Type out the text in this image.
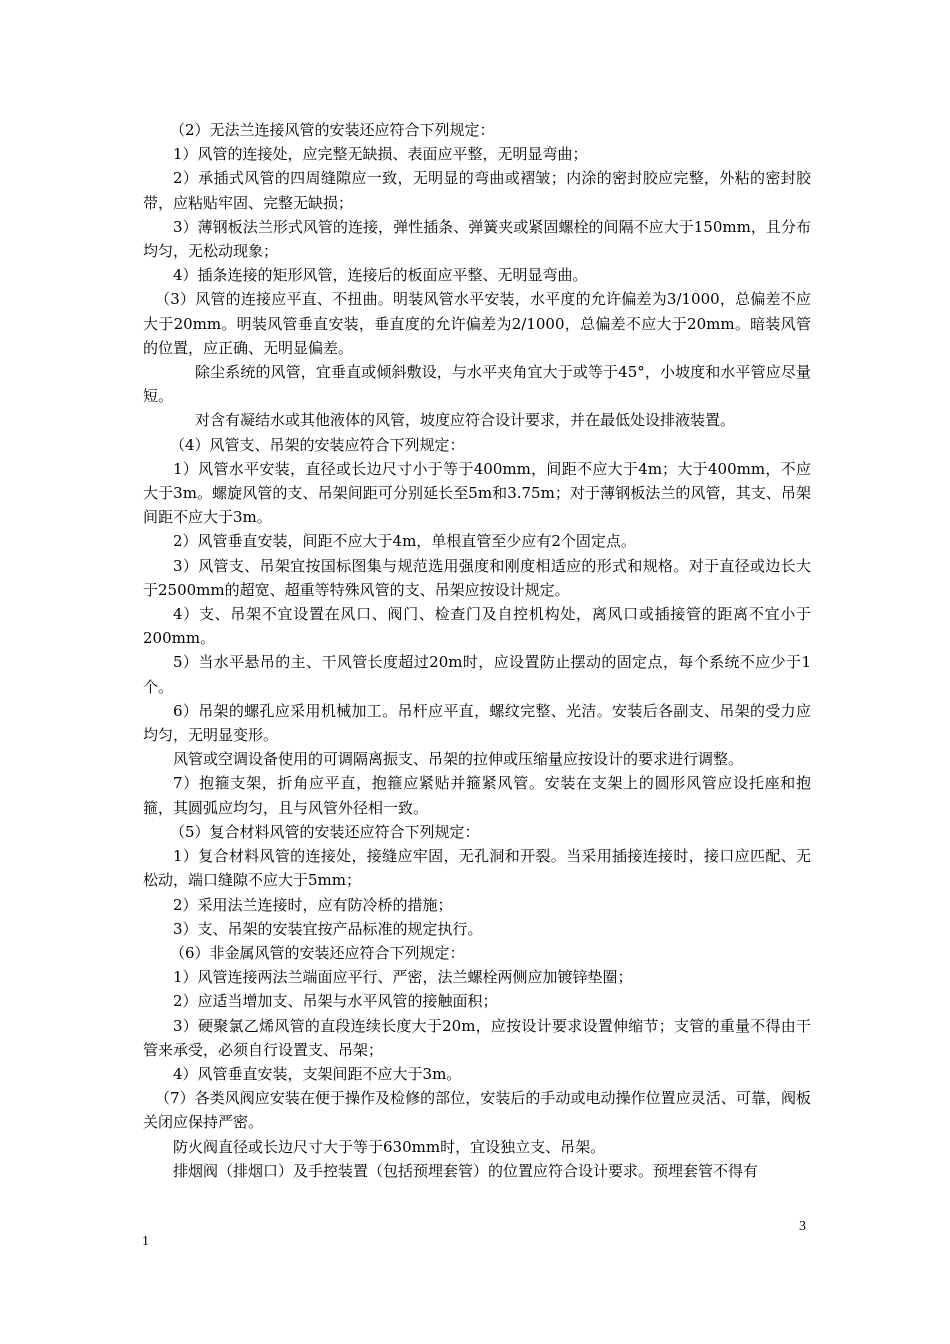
（2）无法兰连接风管的安装还应符合下列规定：

1）风管的连接处，应完整无缺损、表面应平整，无明显弯曲；

2）承插式风管的四周缝隙应一致，无明显的弯曲或褶皱；内涂的密封胶应完整，外粘的密封胶带，应粘贴牢固、完整无缺损；

3）薄钢板法兰形式风管的连接，弹性插条、弹簧夹或紧固螺栓的间隔不应大于150mm，且分布均匀，无松动现象；

4）插条连接的矩形风管，连接后的板面应平整、无明显弯曲。

（3）风管的连接应平直、不扭曲。明装风管水平安装，水平度的允许偏差为3/1000，总偏差不应大于20mm。明装风管垂直安装，垂直度的允许偏差为2/1000，总偏差不应大于20mm。暗装风管的位置，应正确、无明显偏差。

除尘系统的风管，宜垂直或倾斜敷设，与水平夹角宜大于或等于45°，小坡度和水平管应尽量短。

对含有凝结水或其他液体的风管，坡度应符合设计要求，并在最低处设排液装置。

（4）风管支、吊架的安装应符合下列规定：

1）风管水平安装，直径或长边尺寸小于等于400mm，间距不应大于4m；大于400mm，不应大于3m。螺旋风管的支、吊架间距可分别延长至5m和3.75m；对于薄钢板法兰的风管，其支、吊架间距不应大于3m。

2）风管垂直安装，间距不应大于4m，单根直管至少应有2个固定点。

3）风管支、吊架宜按国标图集与规范选用强度和刚度相适应的形式和规格。对于直径或边长大于2500mm的超宽、超重等特殊风管的支、吊架应按设计规定。

4）支、吊架不宜设置在风口、阀门、检查门及自控机构处，离风口或插接管的距离不宜小于200mm。

5）当水平悬吊的主、干风管长度超过20m时，应设置防止摆动的固定点，每个系统不应少于1个。

6）吊架的螺孔应采用机械加工。吊杆应平直，螺纹完整、光洁。安装后各副支、吊架的受力应均匀，无明显变形。

风管或空调设备使用的可调隔离振支、吊架的拉伸或压缩量应按设计的要求进行调整。

7）抱箍支架，折角应平直，抱箍应紧贴并箍紧风管。安装在支架上的圆形风管应设托座和抱箍，其圆弧应均匀，且与风管外径相一致。

（5）复合材料风管的安装还应符合下列规定：

1）复合材料风管的连接处，接缝应牢固，无孔洞和开裂。当采用插接连接时，接口应匹配、无松动，端口缝隙不应大于5mm；

2）采用法兰连接时，应有防冷桥的措施；

3）支、吊架的安装宜按产品标准的规定执行。

（6）非金属风管的安装还应符合下列规定：

1）风管连接两法兰端面应平行、严密，法兰螺栓两侧应加镀锌垫圈；

2）应适当增加支、吊架与水平风管的接触面积；

3）硬聚氯乙烯风管的直段连续长度大于20m，应按设计要求设置伸缩节；支管的重量不得由干管来承受，必须自行设置支、吊架；

4）风管垂直安装，支架间距不应大于3m。

（7）各类风阀应安装在便于操作及检修的部位，安装后的手动或电动操作位置应灵活、可靠，阀板关闭应保持严密。

防火阀直径或长边尺寸大于等于630mm时，宜设独立支、吊架。

排烟阀（排烟口）及手控装置（包括预埋套管）的位置应符合设计要求。预埋套管不得有

3
1
